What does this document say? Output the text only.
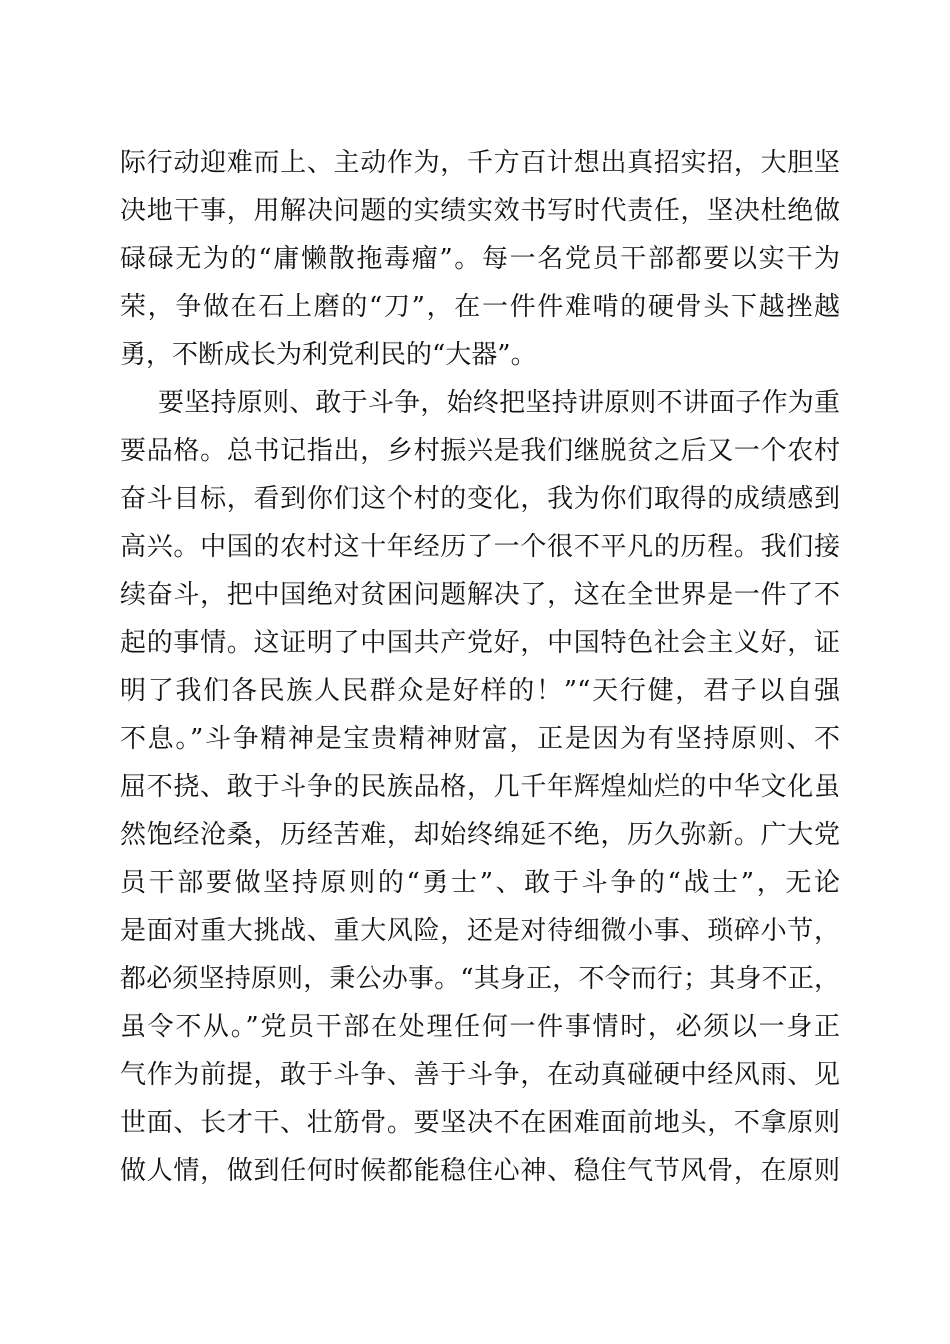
际行动迎难而上、主动作为，千方百计想出真招实招，大胆坚
决地干事，用解决问题的实绩实效书写时代责任，坚决杜绝做
碌碌无为的“庸懒散拖毒瘤”。每一名党员干部都要以实干为
荣，争做在石上磨的“刀”，在一件件难啃的硬骨头下越挫越
勇，不断成长为利党利民的“大器”。
要坚持原则、敢于斗争，始终把坚持讲原则不讲面子作为重
要品格。总书记指出，乡村振兴是我们继脱贫之后又一个农村
奋斗目标，看到你们这个村的变化，我为你们取得的成绩感到
高兴。中国的农村这十年经历了一个很不平凡的历程。我们接
续奋斗，把中国绝对贫困问题解决了，这在全世界是一件了不
起的事情。这证明了中国共产党好，中国特色社会主义好，证
明了我们各民族人民群众是好样的！”“天行健，君子以自强
不息。”斗争精神是宝贵精神财富，正是因为有坚持原则、不
屈不挠、敢于斗争的民族品格，几千年辉煌灿烂的中华文化虽
然饱经沧桑，历经苦难，却始终绵延不绝，历久弥新。广大党
员干部要做坚持原则的“勇士”、敢于斗争的“战士”，无论
是面对重大挑战、重大风险，还是对待细微小事、琐碎小节，
都必须坚持原则，秉公办事。“其身正，不令而行；其身不正，
虽令不从。”党员干部在处理任何一件事情时，必须以一身正
气作为前提，敢于斗争、善于斗争，在动真碰硬中经风雨、见
世面、长才干、壮筋骨。要坚决不在困难面前地头，不拿原则
做人情，做到任何时候都能稳住心神、稳住气节风骨，在原则
